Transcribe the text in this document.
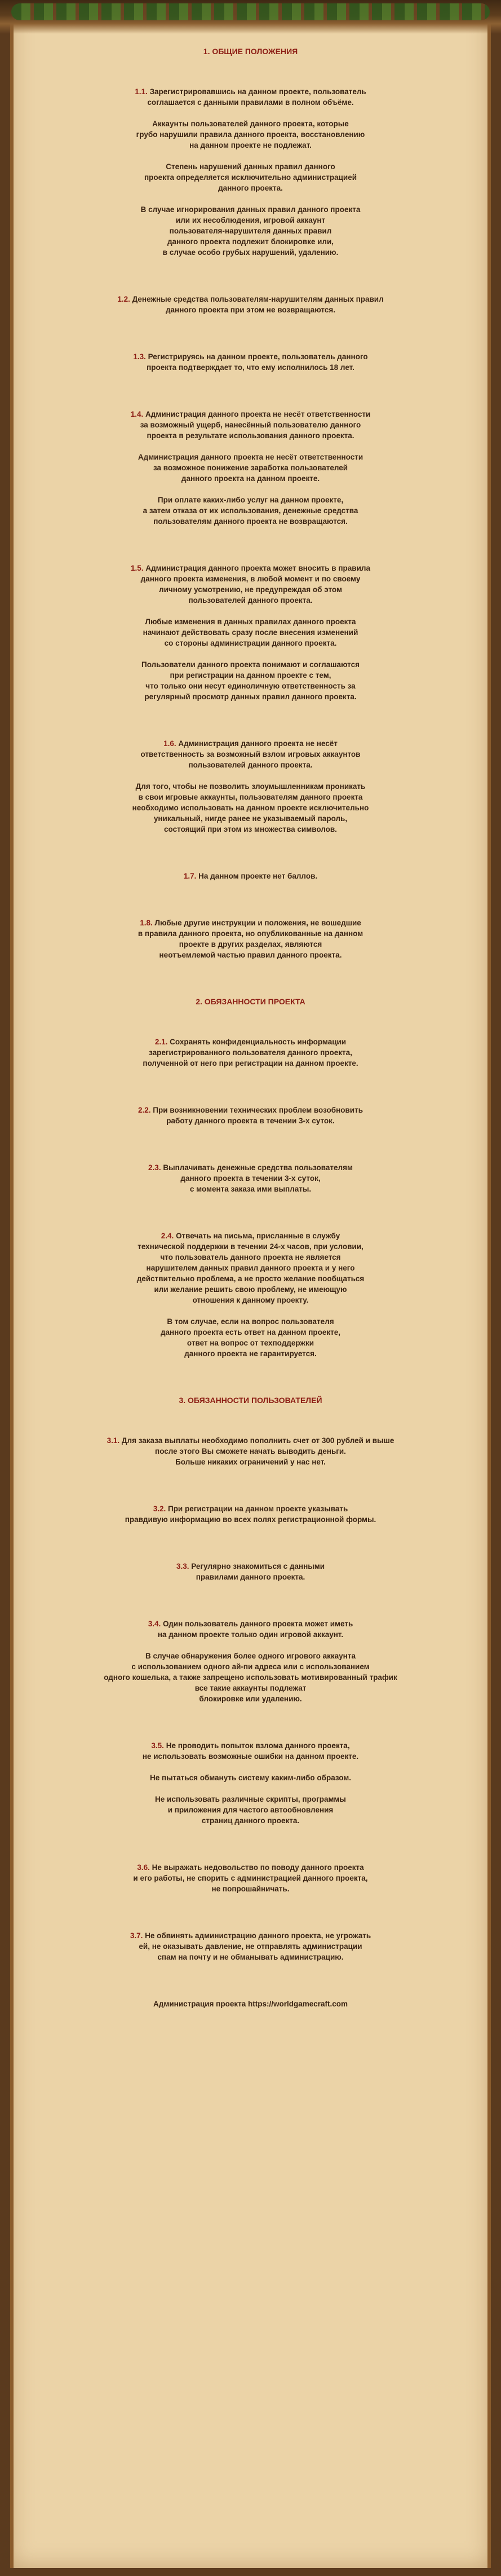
1. ОБЩИЕ ПОЛОЖЕНИЯ

1.1. Зарегистрировавшись на данном проекте, пользователь
соглашается с данными правилами в полном объёме.

Аккаунты пользователей данного проекта, которые
грубо нарушили правила данного проекта, восстановлению
на данном проекте не подлежат.

Степень нарушений данных правил данного
проекта определяется исключительно администрацией
данного проекта.

В случае игнорирования данных правил данного проекта
или их несоблюдения, игровой аккаунт
пользователя-нарушителя данных правил
данного проекта подлежит блокировке или,
в случае особо грубых нарушений, удалению.

1.2. Денежные средства пользователям-нарушителям данных правил
данного проекта при этом не возвращаются.

1.3. Регистрируясь на данном проекте, пользователь данного
проекта подтверждает то, что ему исполнилось 18 лет.

1.4. Администрация данного проекта не несёт ответственности
за возможный ущерб, нанесённый пользователю данного
проекта в результате использования данного проекта.

Администрация данного проекта не несёт ответственности
за возможное понижение заработка пользователей
данного проекта на данном проекте.

При оплате каких-либо услуг на данном проекте,
а затем отказа от их использования, денежные средства
пользователям данного проекта не возвращаются.

1.5. Администрация данного проекта может вносить в правила
данного проекта изменения, в любой момент и по своему
личному усмотрению, не предупреждая об этом
пользователей данного проекта.

Любые изменения в данных правилах данного проекта
начинают действовать сразу после внесения изменений
со стороны администрации данного проекта.

Пользователи данного проекта понимают и соглашаются
при регистрации на данном проекте с тем,
что только они несут единоличную ответственность за
регулярный просмотр данных правил данного проекта.

1.6. Администрация данного проекта не несёт
ответственность за возможный взлом игровых аккаунтов
пользователей данного проекта.

Для того, чтобы не позволить злоумышленникам проникать
в свои игровые аккаунты, пользователям данного проекта
необходимо использовать на данном проекте исключительно
уникальный, нигде ранее не указываемый пароль,
состоящий при этом из множества символов.

1.7. На данном проекте нет баллов.

1.8. Любые другие инструкции и положения, не вошедшие
в правила данного проекта, но опубликованные на данном
проекте в других разделах, являются
неотъемлемой частью правил данного проекта.

2. ОБЯЗАННОСТИ ПРОЕКТА

2.1. Сохранять конфиденциальность информации
зарегистрированного пользователя данного проекта,
полученной от него при регистрации на данном проекте.

2.2. При возникновении технических проблем возобновить
работу данного проекта в течении 3-х суток.

2.3. Выплачивать денежные средства пользователям
данного проекта в течении 3-х суток,
с момента заказа ими выплаты.

2.4. Отвечать на письма, присланные в службу
технической поддержки в течении 24-х часов, при условии,
что пользователь данного проекта не является
нарушителем данных правил данного проекта и у него
действительно проблема, а не просто желание пообщаться
или желание решить свою проблему, не имеющую
отношения к данному проекту.

В том случае, если на вопрос пользователя
данного проекта есть ответ на данном проекте,
ответ на вопрос от техподдержки
данного проекта не гарантируется.

3. ОБЯЗАННОСТИ ПОЛЬЗОВАТЕЛЕЙ

3.1. Для заказа выплаты необходимо пополнить счет от 300 рублей и выше
после этого Вы сможете начать выводить деньги.
Больше никаких ограничений у нас нет.

3.2. При регистрации на данном проекте указывать
правдивую информацию во всех полях регистрационной формы.

3.3. Регулярно знакомиться с данными
правилами данного проекта.

3.4. Один пользователь данного проекта может иметь
на данном проекте только один игровой аккаунт.

В случае обнаружения более одного игрового аккаунта
с использованием одного ай-пи адреса или с использованием
одного кошелька, а также запрещено использовать мотивированный трафик
все такие аккаунты подлежат
блокировке или удалению.

3.5. Не проводить попыток взлома данного проекта,
не использовать возможные ошибки на данном проекте.

Не пытаться обмануть систему каким-либо образом.

Не использовать различные скрипты, программы
и приложения для частого автообновления
страниц данного проекта.

3.6. Не выражать недовольство по поводу данного проекта
и его работы, не спорить с администрацией данного проекта,
не попрошайничать.

3.7. Не обвинять администрацию данного проекта, не угрожать
ей, не оказывать давление, не отправлять администрации
спам на почту и не обманывать администрацию.

Администрация проекта https://worldgamecraft.com
